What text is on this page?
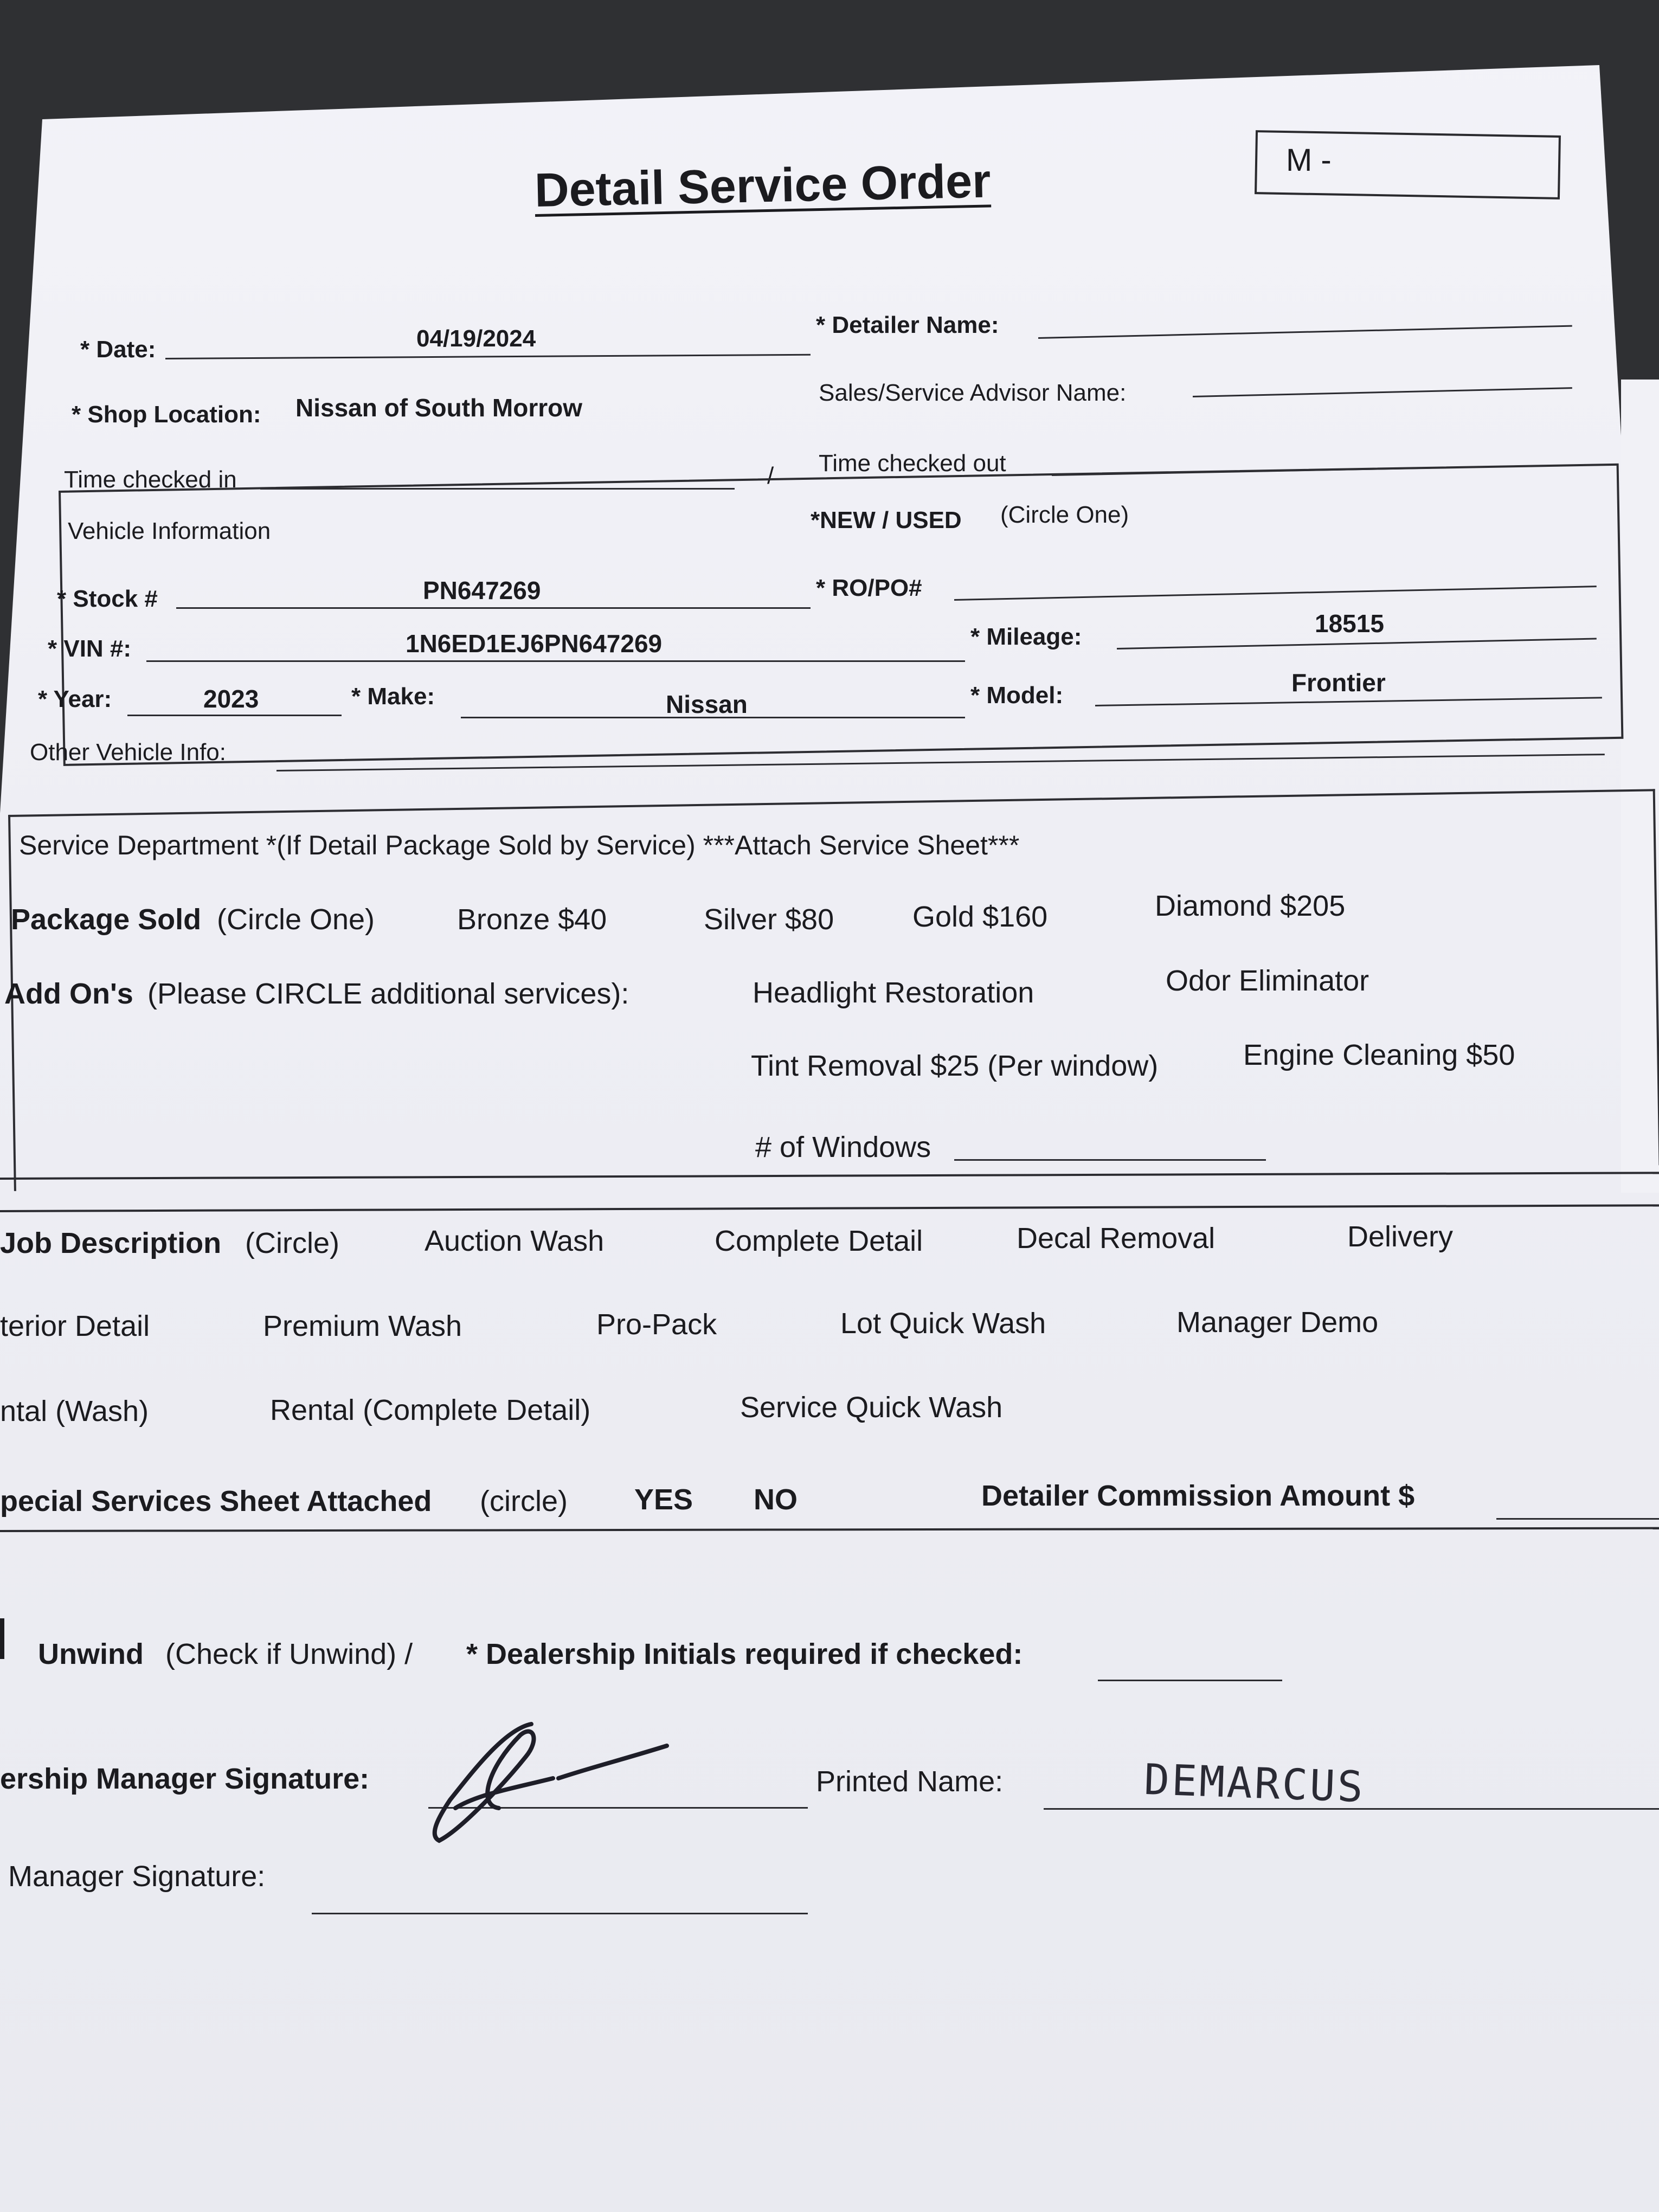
Detail Service Order	M -
* Date:	04/19/2024
* Detailer Name:
* Shop Location: Nissan of South Morrow
Sales/Service Advisor Name:
Time checked in	/ Time checked out
Vehicle Information	*NEW / USED (Circle One)
* Stock #	PN647269	* RO/PO#
* VIN #:	1N6ED1EJ6PN647269	* Mileage:	18515
* Year:	2023	* Make:	Nissan	* Model:	Frontier
Other Vehicle Info:
Service Department *(If Detail Package Sold by Service) ***Attach Service Sheet***
Package Sold (Circle One)	Bronze $40	Silver $80	Gold $160	Diamond $205
Add On's (Please CIRCLE additional services):	Headlight Restoration	Odor Eliminator
Tint Removal $25 (Per window)	Engine Cleaning $50
# of Windows
Job Description (Circle)	Auction Wash	Complete Detail	Decal Removal	Delivery
terior Detail	Premium Wash	Pro-Pack	Lot Quick Wash	Manager Demo
ntal (Wash)	Rental (Complete Detail)	Service Quick Wash
pecial Services Sheet Attached (circle) YES NO	Detailer Commission Amount $
Unwind (Check if Unwind) / * Dealership Initials required if checked:
ership Manager Signature:	Printed Name:	DEMARCUS
Manager Signature:
